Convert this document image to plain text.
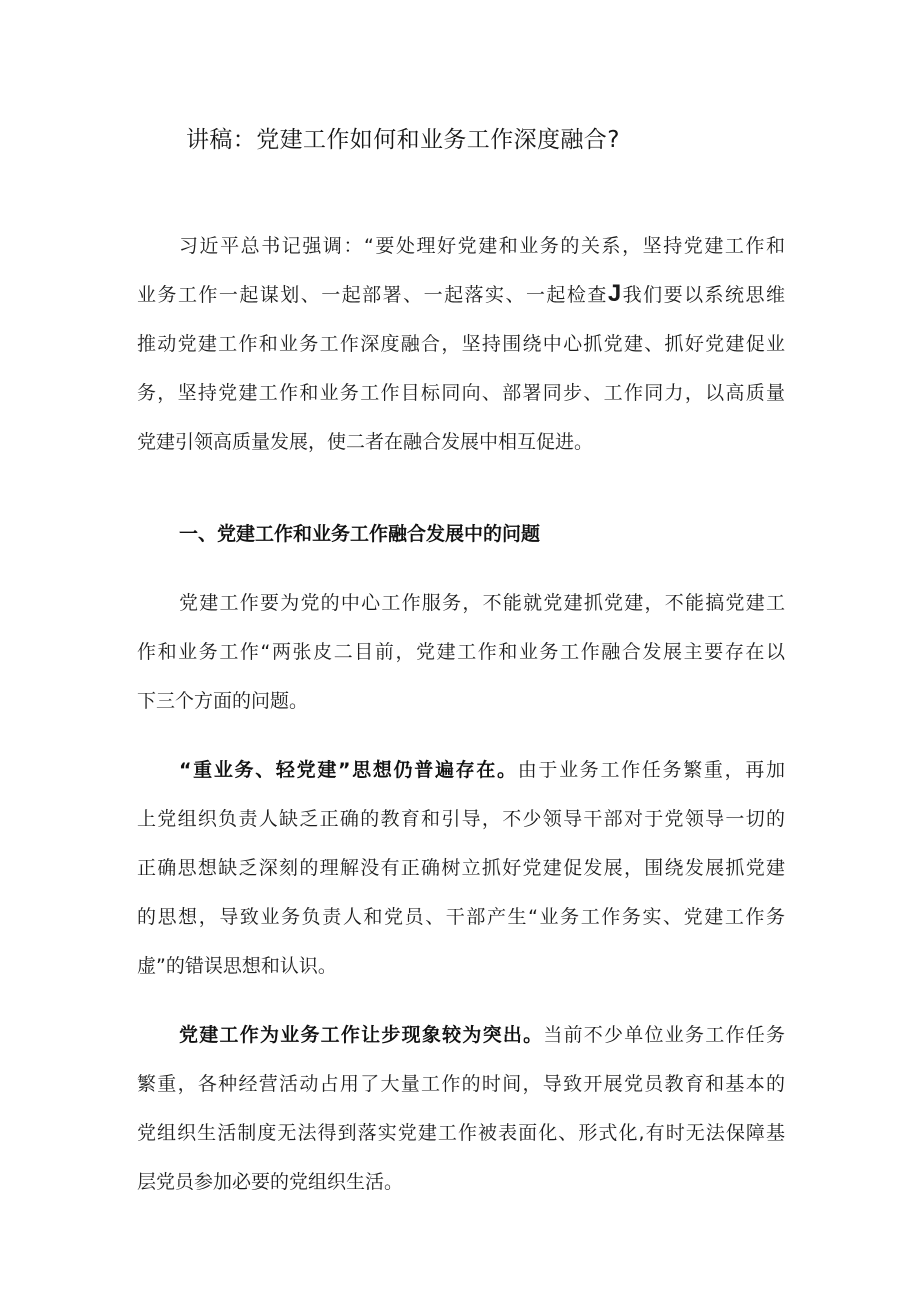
讲稿：党建工作如何和业务工作深度融合?
习近平总书记强调：“要处理好党建和业务的关系，坚持党建工作和
业务工作一起谋划、一起部署、一起落实、一起检查J我们要以系统思维
推动党建工作和业务工作深度融合，坚持围绕中心抓党建、抓好党建促业
务，坚持党建工作和业务工作目标同向、部署同步、工作同力，以高质量
党建引领高质量发展，使二者在融合发展中相互促进。
一、党建工作和业务工作融合发展中的问题
党建工作要为党的中心工作服务，不能就党建抓党建，不能搞党建工
作和业务工作“两张皮二目前，党建工作和业务工作融合发展主要存在以
下三个方面的问题。
“重业务、轻党建”思想仍普遍存在。由于业务工作任务繁重，再加
上党组织负责人缺乏正确的教育和引导，不少领导干部对于党领导一切的
正确思想缺乏深刻的理解没有正确树立抓好党建促发展，围绕发展抓党建
的思想，导致业务负责人和党员、干部产生“业务工作务实、党建工作务
虚”的错误思想和认识。
党建工作为业务工作让步现象较为突出。当前不少单位业务工作任务
繁重，各种经营活动占用了大量工作的时间，导致开展党员教育和基本的
党组织生活制度无法得到落实党建工作被表面化、形式化,有时无法保障基
层党员参加必要的党组织生活。
